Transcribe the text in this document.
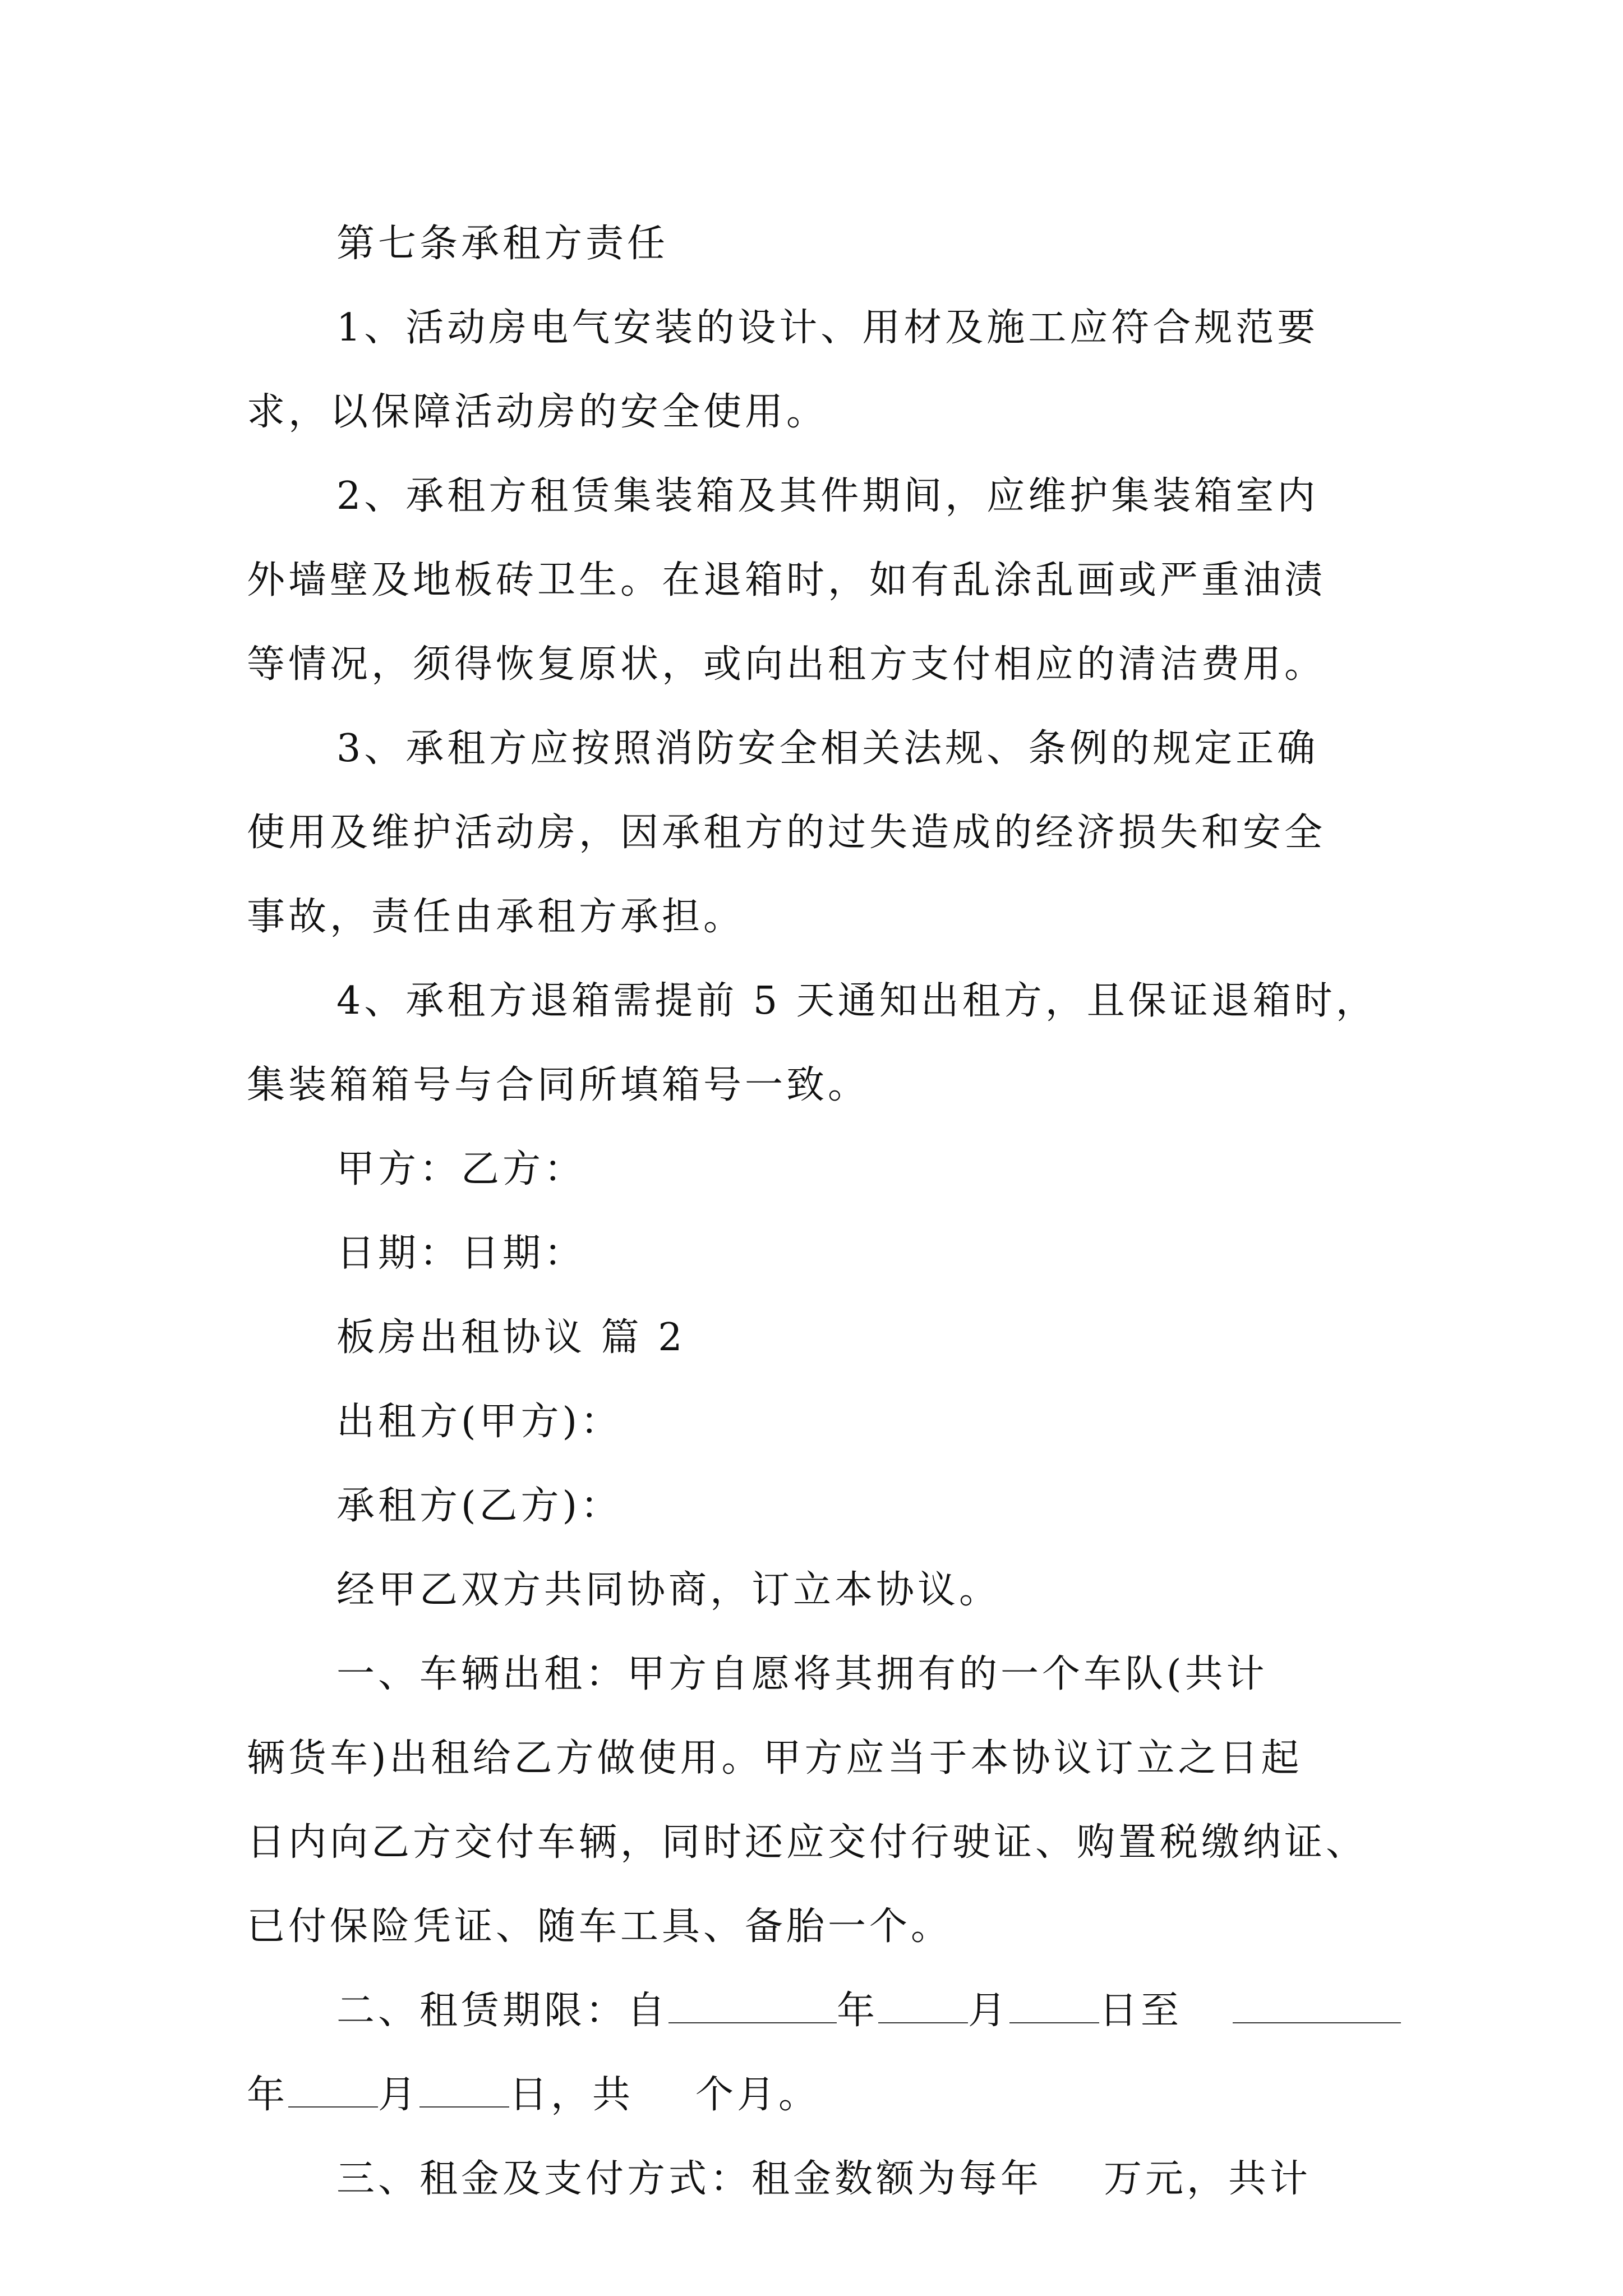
第七条承租方责任

1、活动房电气安装的设计、用材及施工应符合规范要

求，以保障活动房的安全使用。

2、承租方租赁集装箱及其件期间，应维护集装箱室内

外墙壁及地板砖卫生。在退箱时，如有乱涂乱画或严重油渍

等情况，须得恢复原状，或向出租方支付相应的清洁费用。

3、承租方应按照消防安全相关法规、条例的规定正确

使用及维护活动房，因承租方的过失造成的经济损失和安全

事故，责任由承租方承担。

4、承租方退箱需提前 5 天通知出租方，且保证退箱时，

集装箱箱号与合同所填箱号一致。

甲方：乙方：

日期：日期：

板房出租协议 篇 2

出租方(甲方)：

承租方(乙方)：

经甲乙双方共同协商，订立本协议。

一、车辆出租：甲方自愿将其拥有的一个车队(共计

辆货车)出租给乙方做使用。甲方应当于本协议订立之日起

日内向乙方交付车辆，同时还应交付行驶证、购置税缴纳证、

已付保险凭证、随车工具、备胎一个。

二、租赁期限：自	年 月 日至

年 月 日，共 个月。

三、租金及支付方式：租金数额为每年 万元，共计
